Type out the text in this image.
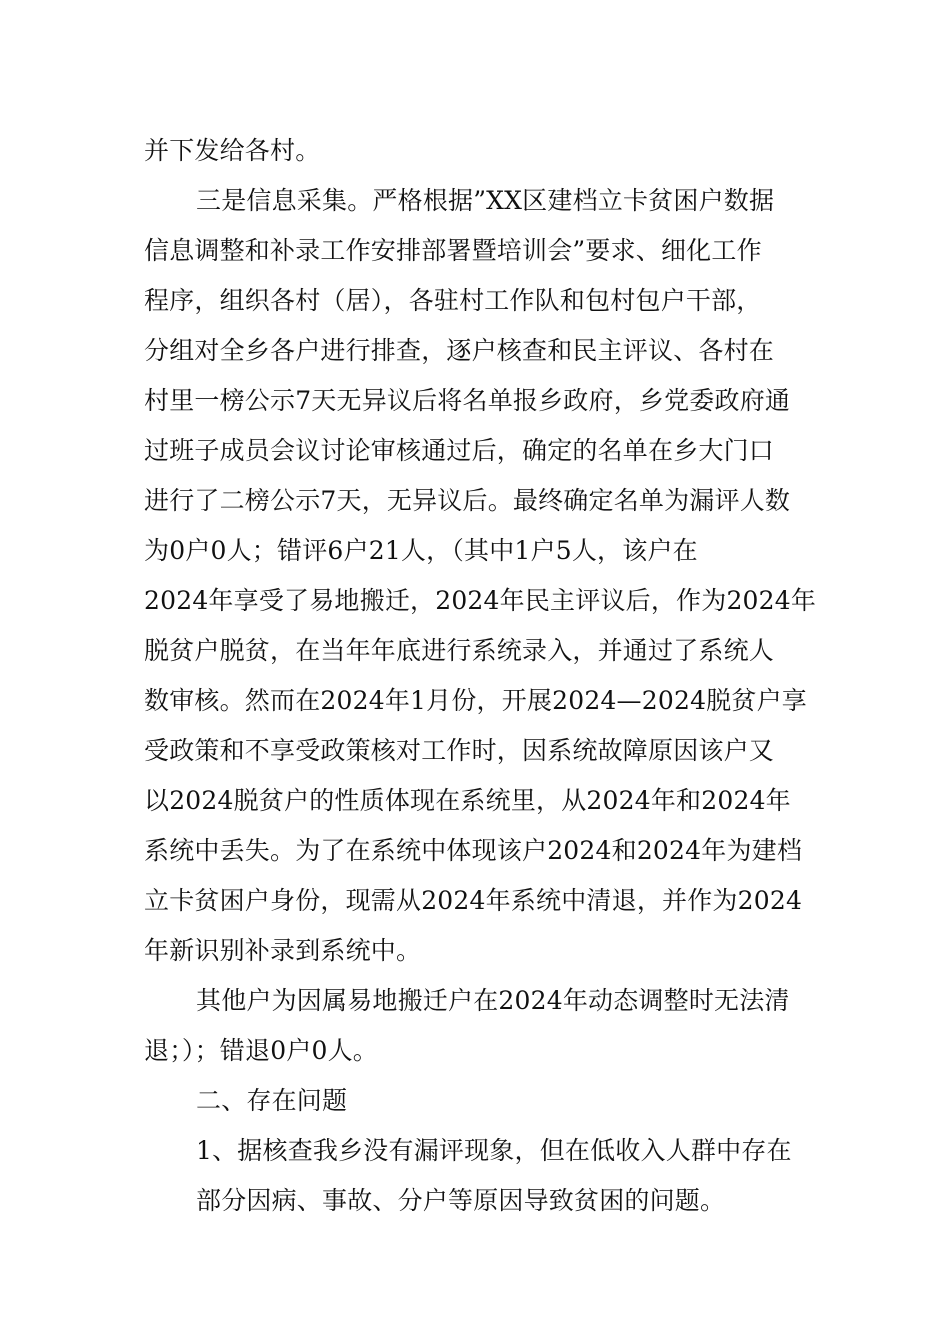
并下发给各村。
三是信息采集。严格根据”XX区建档立卡贫困户数据
信息调整和补录工作安排部署暨培训会”要求、细化工作
程序，组织各村（居），各驻村工作队和包村包户干部，
分组对全乡各户进行排查，逐户核查和民主评议、各村在
村里一榜公示7天无异议后将名单报乡政府，乡党委政府通
过班子成员会议讨论审核通过后，确定的名单在乡大门口
进行了二榜公示7天，无异议后。最终确定名单为漏评人数
为0户0人；错评6户21人，（其中1户5人，该户在
2024年享受了易地搬迁，2024年民主评议后，作为2024年
脱贫户脱贫，在当年年底进行系统录入，并通过了系统人
数审核。然而在2024年1月份，开展2024—2024脱贫户享
受政策和不享受政策核对工作时，因系统故障原因该户又
以2024脱贫户的性质体现在系统里，从2024年和2024年
系统中丢失。为了在系统中体现该户2024和2024年为建档
立卡贫困户身份，现需从2024年系统中清退，并作为2024
年新识别补录到系统中。
其他户为因属易地搬迁户在2024年动态调整时无法清
退；）；错退0户0人。
二、存在问题
1、据核查我乡没有漏评现象，但在低收入人群中存在
部分因病、事故、分户等原因导致贫困的问题。
